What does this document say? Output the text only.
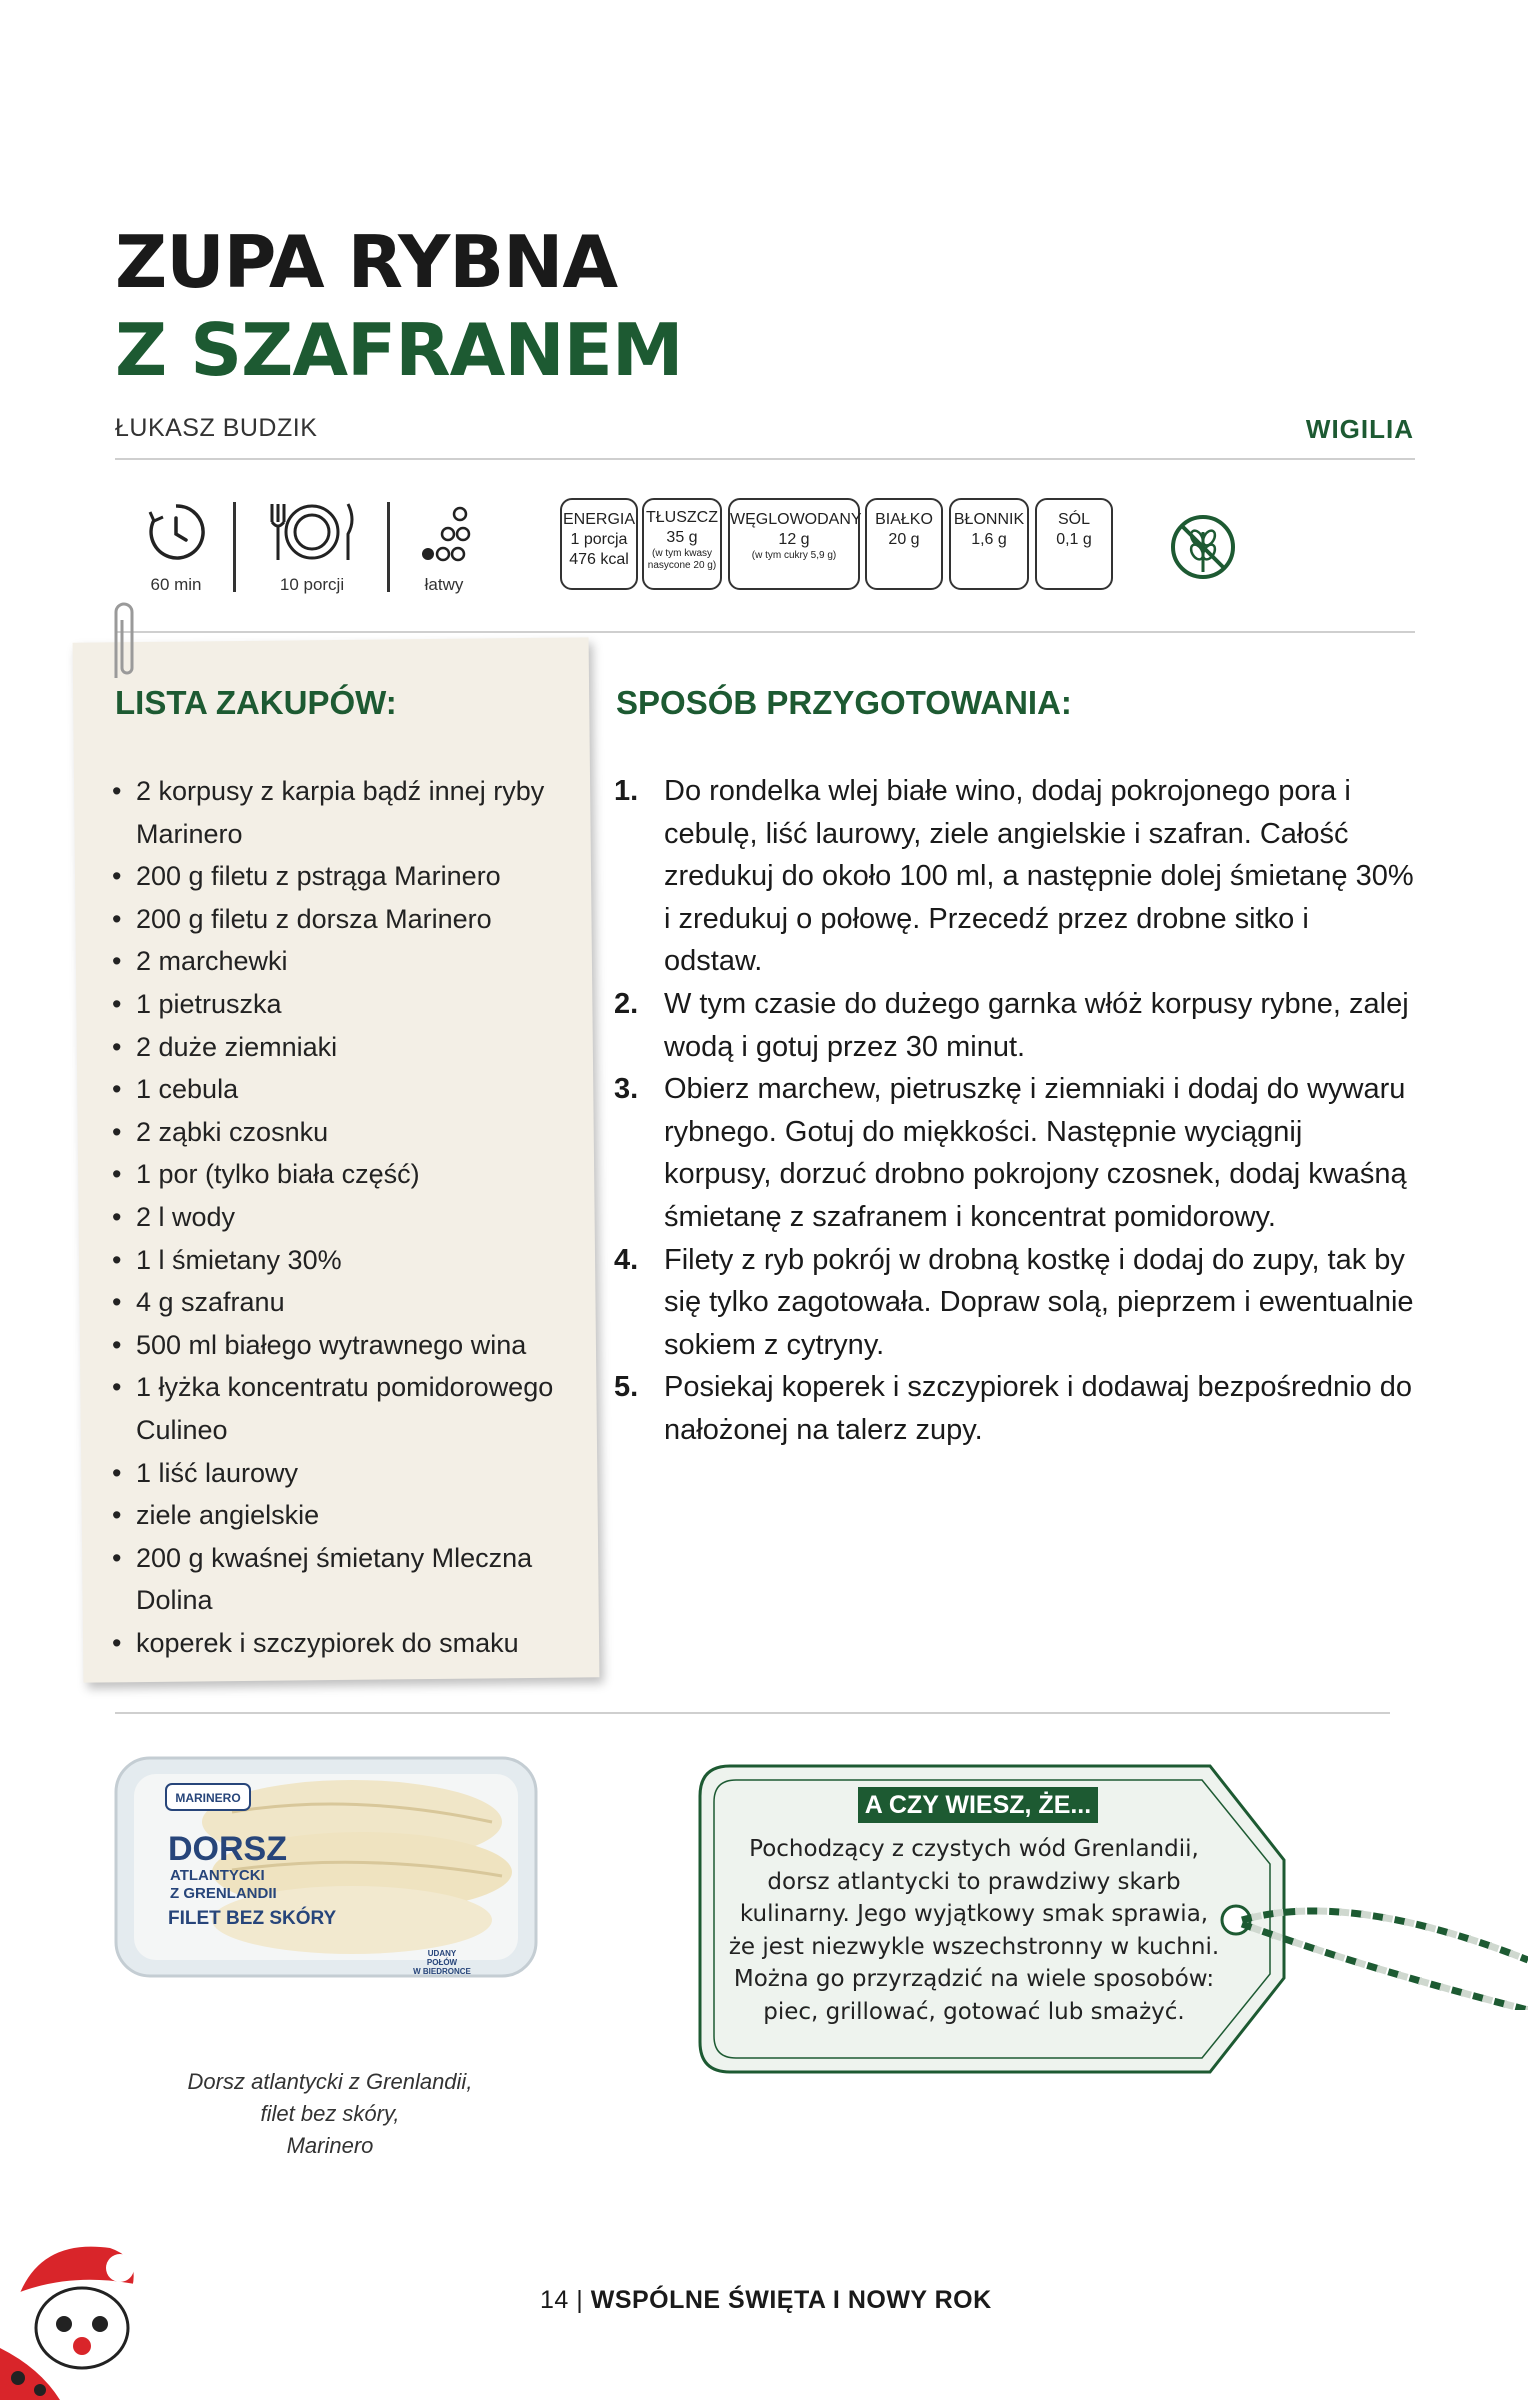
ZUPA RYBNA
Z SZAFRANEM
ŁUKASZ BUDZIK	WIGILIA
60 min	10 porcji	łatwy
ENERGIA
1 porcja
476 kcal
TŁUSZCZ
35 g
(w tym kwasy nasycone 20 g)
WĘGLOWODANY
12 g
(w tym cukry 5,9 g)
BIAŁKO
20 g
BŁONNIK
1,6 g
SÓL
0,1 g
LISTA ZAKUPÓW:
• 2 korpusy z karpia bądź innej ryby Marinero
• 200 g filetu z pstrąga Marinero
• 200 g filetu z dorsza Marinero
• 2 marchewki
• 1 pietruszka
• 2 duże ziemniaki
• 1 cebula
• 2 ząbki czosnku
• 1 por (tylko biała część)
• 2 l wody
• 1 l śmietany 30%
• 4 g szafranu
• 500 ml białego wytrawnego wina
• 1 łyżka koncentratu pomidorowego Culineo
• 1 liść laurowy
• ziele angielskie
• 200 g kwaśnej śmietany Mleczna Dolina
• koperek i szczypiorek do smaku
SPOSÓB PRZYGOTOWANIA:
1. Do rondelka wlej białe wino, dodaj pokrojonego pora i cebulę, liść laurowy, ziele angielskie i szafran. Całość zredukuj do około 100 ml, a następnie dolej śmietanę 30% i zredukuj o połowę. Przecedź przez drobne sitko i odstaw.
2. W tym czasie do dużego garnka włóż korpusy rybne, zalej wodą i gotuj przez 30 minut.
3. Obierz marchew, pietruszkę i ziemniaki i dodaj do wywaru rybnego. Gotuj do miękkości. Następnie wyciągnij korpusy, dorzuć drobno pokrojony czosnek, dodaj kwaśną śmietanę z szafranem i koncentrat pomidorowy.
4. Filety z ryb pokrój w drobną kostkę i dodaj do zupy, tak by się tylko zagotowała. Dopraw solą, pieprzem i ewentualnie sokiem z cytryny.
5. Posiekaj koperek i szczypiorek i dodawaj bezpośrednio do nałożonej na talerz zupy.
MARINERO
DORSZ
ATLANTYCKI
Z GRENLANDII
FILET BEZ SKÓRY
UDANY
POŁÓW
W BIEDRONCE
Dorsz atlantycki z Grenlandii,
filet bez skóry,
Marinero
A CZY WIESZ, ŻE...
Pochodzący z czystych wód Grenlandii,
dorsz atlantycki to prawdziwy skarb
kulinarny. Jego wyjątkowy smak sprawia,
że jest niezwykle wszechstronny w kuchni.
Można go przyrządzić na wiele sposobów:
piec, grillować, gotować lub smażyć.
14 | WSPÓLNE ŚWIĘTA I NOWY ROK
